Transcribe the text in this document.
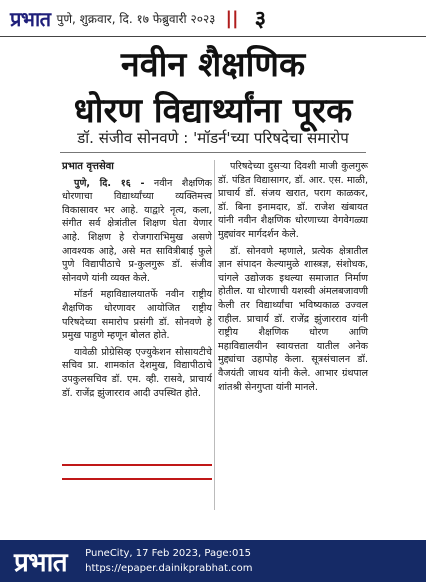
प्रभात पुणे, शुक्रवार, दि. १७ फेब्रुवारी २०२३ || ३
नवीन शैक्षणिक
धोरण विद्यार्थ्यांना पूरक
डॉ. संजीव सोनवणे : 'मॉडर्न'च्या परिषदेचा समारोप

प्रभात वृत्तसेवा

पुणे, दि. १६ - नवीन शैक्षणिक धोरणाचा विद्यार्थ्यांच्या व्यक्तिमत्त्व विकासावर भर आहे. याद्वारे नृत्य, कला, संगीत सर्व क्षेत्रांतील शिक्षण घेता येणार आहे. शिक्षण हे रोजगाराभिमुख असणे आवश्यक आहे, असे मत सावित्रीबाई फुले पुणे विद्यापीठाचे प्र-कुलगुरू डॉ. संजीव सोनवणे यांनी व्यक्त केले.

मॉडर्न महाविद्यालयातर्फे नवीन राष्ट्रीय शैक्षणिक धोरणावर आयोजित राष्ट्रीय परिषदेच्या समारोप प्रसंगी डॉ. सोनवणे हे प्रमुख पाहुणे म्हणून बोलत होते.

यावेळी प्रोग्रेसिव्ह एज्युकेशन सोसायटीचे सचिव प्रा. शामकांत देशमुख, विद्यापीठाचे उपकुलसचिव डॉ. एम. व्ही. रासवे, प्राचार्य डॉ. राजेंद्र झुंजारराव आदी उपस्थित होते.

परिषदेच्या दुसऱ्या दिवशी माजी कुलगुरू डॉ. पंडित विद्यासागर, डॉ. आर. एस. माळी, प्राचार्य डॉ. संजय खरात, पराग काळकर, डॉ. बिना इनामदार, डॉ. राजेश खंबायत यांनी नवीन शैक्षणिक धोरणाच्या वेगवेगळ्या मुद्द्यांवर मार्गदर्शन केले.

डॉ. सोनवणे म्हणाले, प्रत्येक क्षेत्रातील ज्ञान संपादन केल्यामुळे शास्त्रज्ञ, संशोधक, चांगले उद्योजक इथल्या समाजात निर्माण होतील. या धोरणाची यशस्वी अंमलबजावणी केली तर विद्यार्थ्यांचा भविष्यकाळ उज्वल राहील. प्राचार्य डॉ. राजेंद्र झुंजारराव यांनी राष्ट्रीय शैक्षणिक धोरण आणि महाविद्यालयीन स्वायत्तता यातील अनेक मुद्द्यांचा उहापोह केला. सूत्रसंचालन डॉ. वैजयंती जाधव यांनी केले. आभार ग्रंथपाल शांतश्री सेनगुप्ता यांनी मानले.

प्रभात PuneCity, 17 Feb 2023, Page:015
https://epaper.dainikprabhat.com
